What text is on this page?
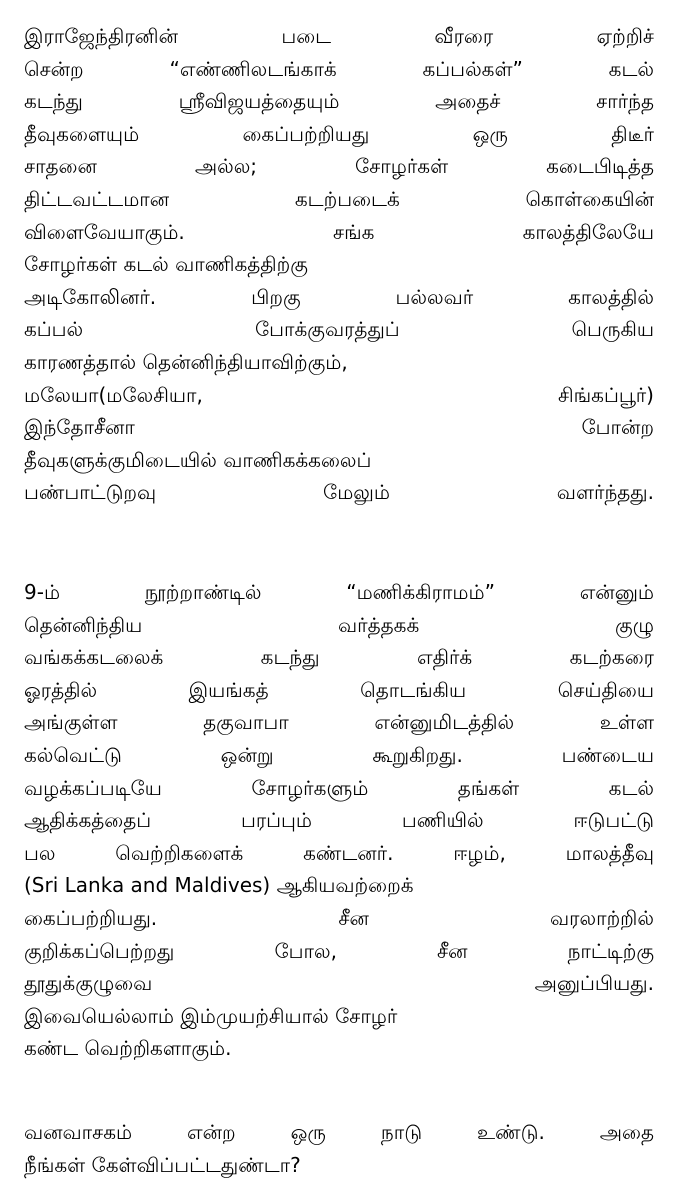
இராஜேந்திரனின் படை வீரரை ஏற்றிச்
சென்ற “எண்ணிலடங்காக் கப்பல்கள்” கடல்
கடந்து ஸ்ரீவிஜயத்தையும் அதைச் சார்ந்த
தீவுகளையும் கைப்பற்றியது ஒரு திடீர்
சாதனை அல்ல; சோழர்கள் கடைபிடித்த
திட்டவட்டமான கடற்படைக் கொள்கையின்
விளைவேயாகும். சங்க காலத்திலேயே
சோழர்கள் கடல் வாணிகத்திற்கு
அடிகோலினர். பிறகு பல்லவர் காலத்தில்
கப்பல் போக்குவரத்துப் பெருகிய
காரணத்தால் தென்னிந்தியாவிற்கும்,
மலேயா(மலேசியா, சிங்கப்பூர்)
இந்தோசீனா போன்ற
தீவுகளுக்குமிடையில் வாணிகக்கலைப்
பண்பாட்டுறவு மேலும் வளர்ந்தது.
9-ம் நூற்றாண்டில் “மணிக்கிராமம்” என்னும்
தென்னிந்திய வர்த்தகக் குழு
வங்கக்கடலைக் கடந்து எதிர்க் கடற்கரை
ஓரத்தில் இயங்கத் தொடங்கிய செய்தியை
அங்குள்ள தகுவாபா என்னுமிடத்தில் உள்ள
கல்வெட்டு ஒன்று கூறுகிறது. பண்டைய
வழக்கப்படியே சோழர்களும் தங்கள் கடல்
ஆதிக்கத்தைப் பரப்பும் பணியில் ஈடுபட்டு
பல வெற்றிகளைக் கண்டனர். ஈழம், மாலத்தீவு
(Sri Lanka and Maldives) ஆகியவற்றைக்
கைப்பற்றியது. சீன வரலாற்றில்
குறிக்கப்பெற்றது போல, சீன நாட்டிற்கு
தூதுக்குழுவை அனுப்பியது.
இவையெல்லாம் இம்முயற்சியால் சோழர்
கண்ட வெற்றிகளாகும்.
வனவாசகம் என்ற ஒரு நாடு உண்டு. அதை
நீங்கள் கேள்விப்பட்டதுண்டா?
